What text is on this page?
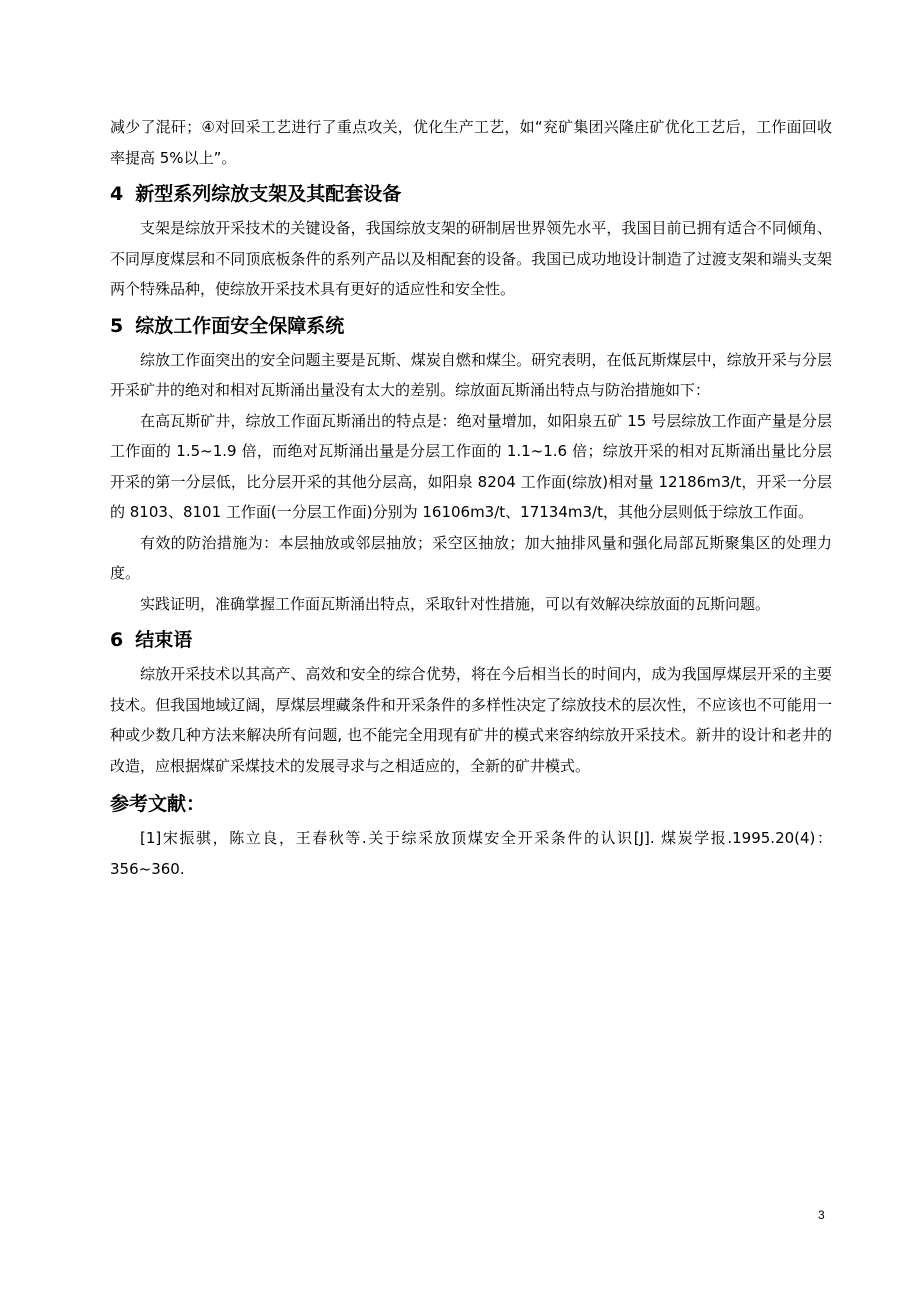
减少了混矸；④对回采工艺进行了重点攻关，优化生产工艺，如“兖矿集团兴隆庄矿优化工艺后，工作面回收率提高 5%以上”。

4 新型系列综放支架及其配套设备

支架是综放开采技术的关键设备，我国综放支架的研制居世界领先水平，我国目前已拥有适合不同倾角、不同厚度煤层和不同顶底板条件的系列产品以及相配套的设备。我国已成功地设计制造了过渡支架和端头支架两个特殊品种，使综放开采技术具有更好的适应性和安全性。

5 综放工作面安全保障系统

综放工作面突出的安全问题主要是瓦斯、煤炭自燃和煤尘。研究表明，在低瓦斯煤层中，综放开采与分层开采矿井的绝对和相对瓦斯涌出量没有太大的差别。综放面瓦斯涌出特点与防治措施如下：

在高瓦斯矿井，综放工作面瓦斯涌出的特点是：绝对量增加，如阳泉五矿 15 号层综放工作面产量是分层工作面的 1.5~1.9 倍，而绝对瓦斯涌出量是分层工作面的 1.1~1.6 倍；综放开采的相对瓦斯涌出量比分层开采的第一分层低，比分层开采的其他分层高，如阳泉 8204 工作面(综放)相对量 12186m3/t，开采一分层的 8103、8101 工作面(一分层工作面)分别为 16106m3/t、17134m3/t，其他分层则低于综放工作面。

有效的防治措施为：本层抽放或邻层抽放；采空区抽放；加大抽排风量和强化局部瓦斯聚集区的处理力度。

实践证明，准确掌握工作面瓦斯涌出特点，采取针对性措施，可以有效解决综放面的瓦斯问题。

6 结束语

综放开采技术以其高产、高效和安全的综合优势，将在今后相当长的时间内，成为我国厚煤层开采的主要技术。但我国地域辽阔，厚煤层埋藏条件和开采条件的多样性决定了综放技术的层次性，不应该也不可能用一种或少数几种方法来解决所有问题, 也不能完全用现有矿井的模式来容纳综放开采技术。新井的设计和老井的改造，应根据煤矿采煤技术的发展寻求与之相适应的，全新的矿井模式。

参考文献：

[1]宋振骐，陈立良，王春秋等.关于综采放顶煤安全开采条件的认识[J]. 煤炭学报.1995.20(4)：356~360.

3
